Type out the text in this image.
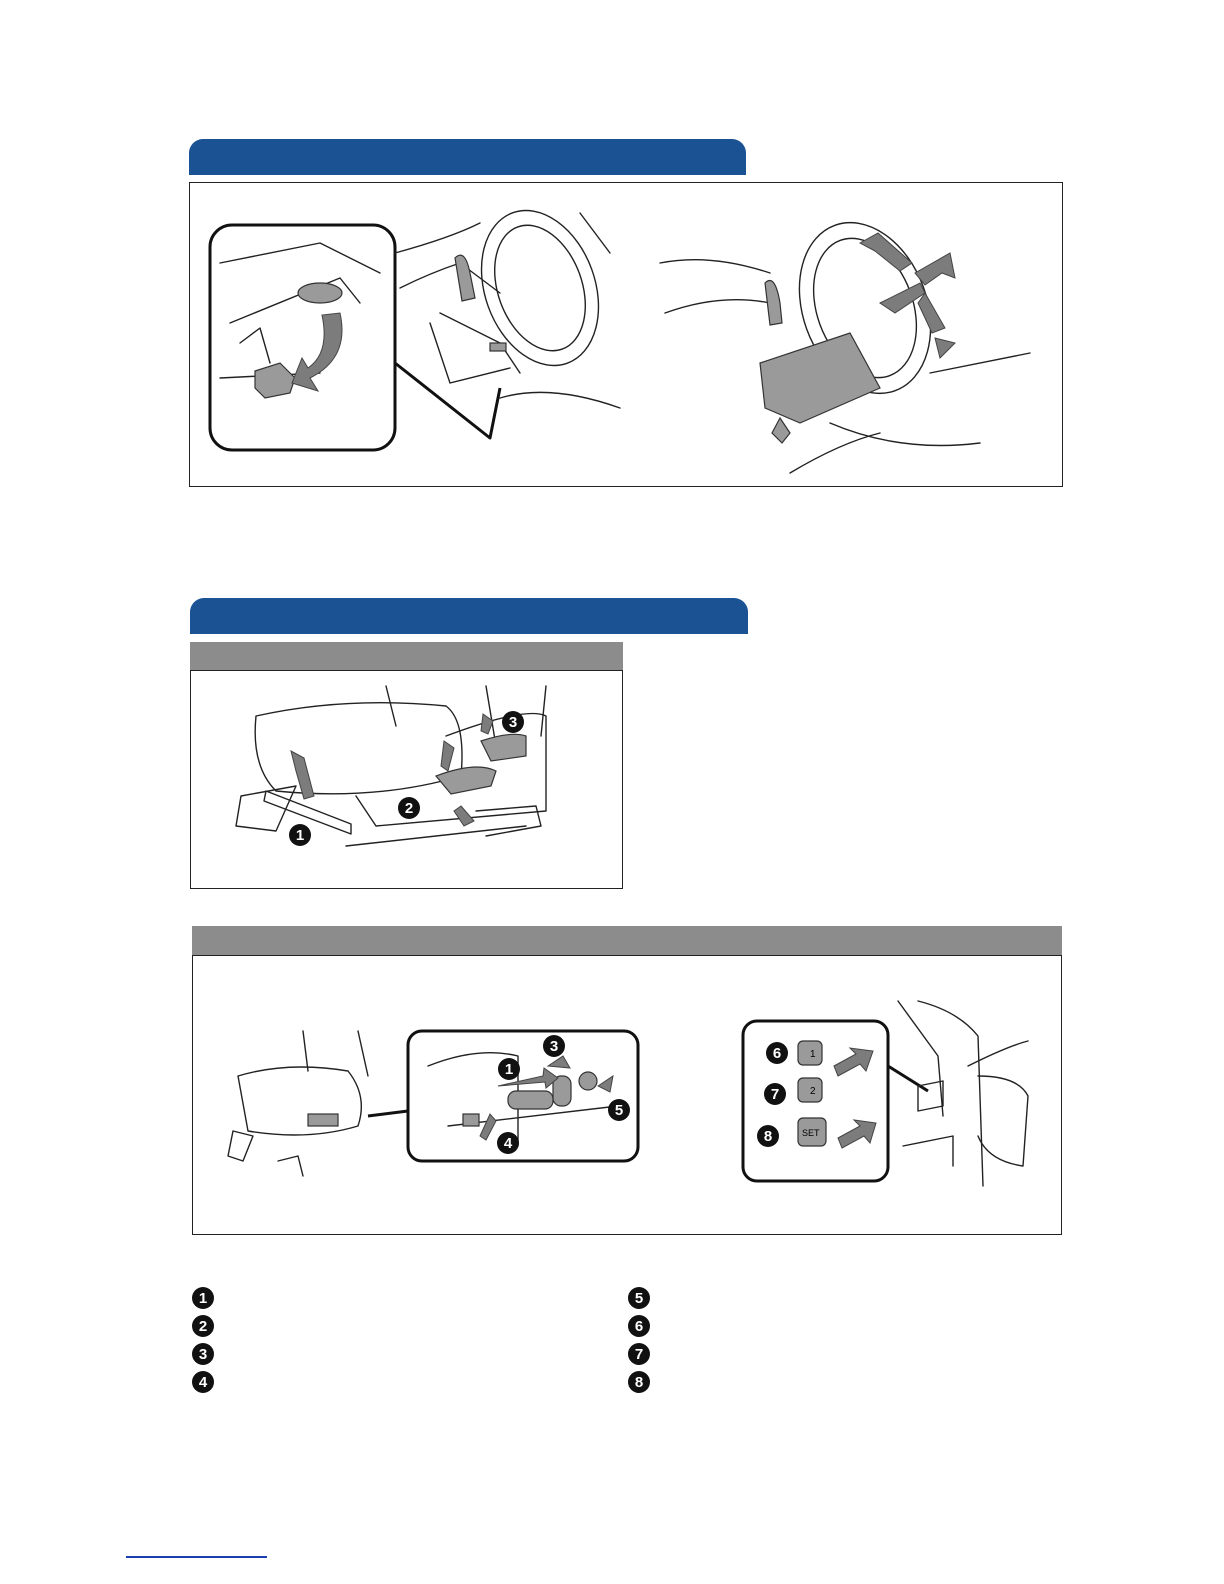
1
2
3
1
3
4
5
1
2
SET
6
7
8
1
2
3
4
5
6
7
8
